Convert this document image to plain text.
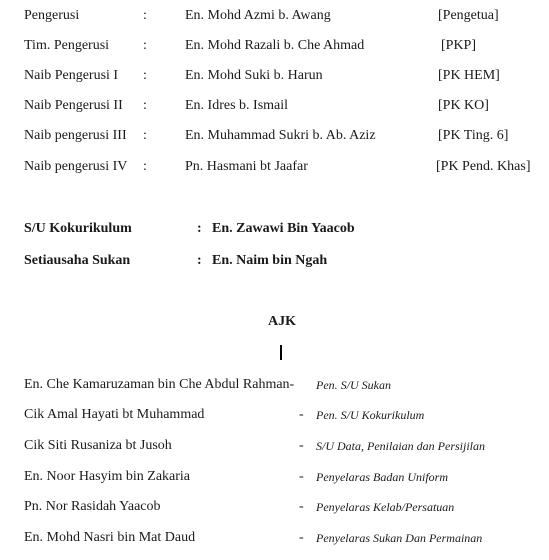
Pengerusi	:	En. Mohd Azmi b. Awang	[Pengetua]
Tim. Pengerusi :	En. Mohd Razali b. Che Ahmad	[PKP]
Naib Pengerusi I :	En. Mohd Suki b. Harun	[PK HEM]
Naib Pengerusi II :	En. Idres b. Ismail	[PK KO]
Naib pengerusi III :	En. Muhammad Sukri b. Ab. Aziz	[PK Ting. 6]
Naib pengerusi IV :	Pn. Hasmani bt Jaafar	[PK Pend. Khas]
S/U Kokurikulum	: En. Zawawi Bin Yaacob
Setiausaha Sukan	: En. Naim bin Ngah
AJK
En. Che Kamaruzaman bin Che Abdul Rahman- Pen. S/U Sukan
Cik Amal Hayati bt Muhammad	- Pen. S/U Kokurikulum
Cik Siti Rusaniza bt Jusoh	- S/U Data, Penilaian dan Persijilan
En. Noor Hasyim bin Zakaria	- Penyelaras Badan Uniform
Pn. Nor Rasidah Yaacob	- Penyelaras Kelab/Persatuan
En. Mohd Nasri bin Mat Daud	- Penyelaras Sukan Dan Permainan
